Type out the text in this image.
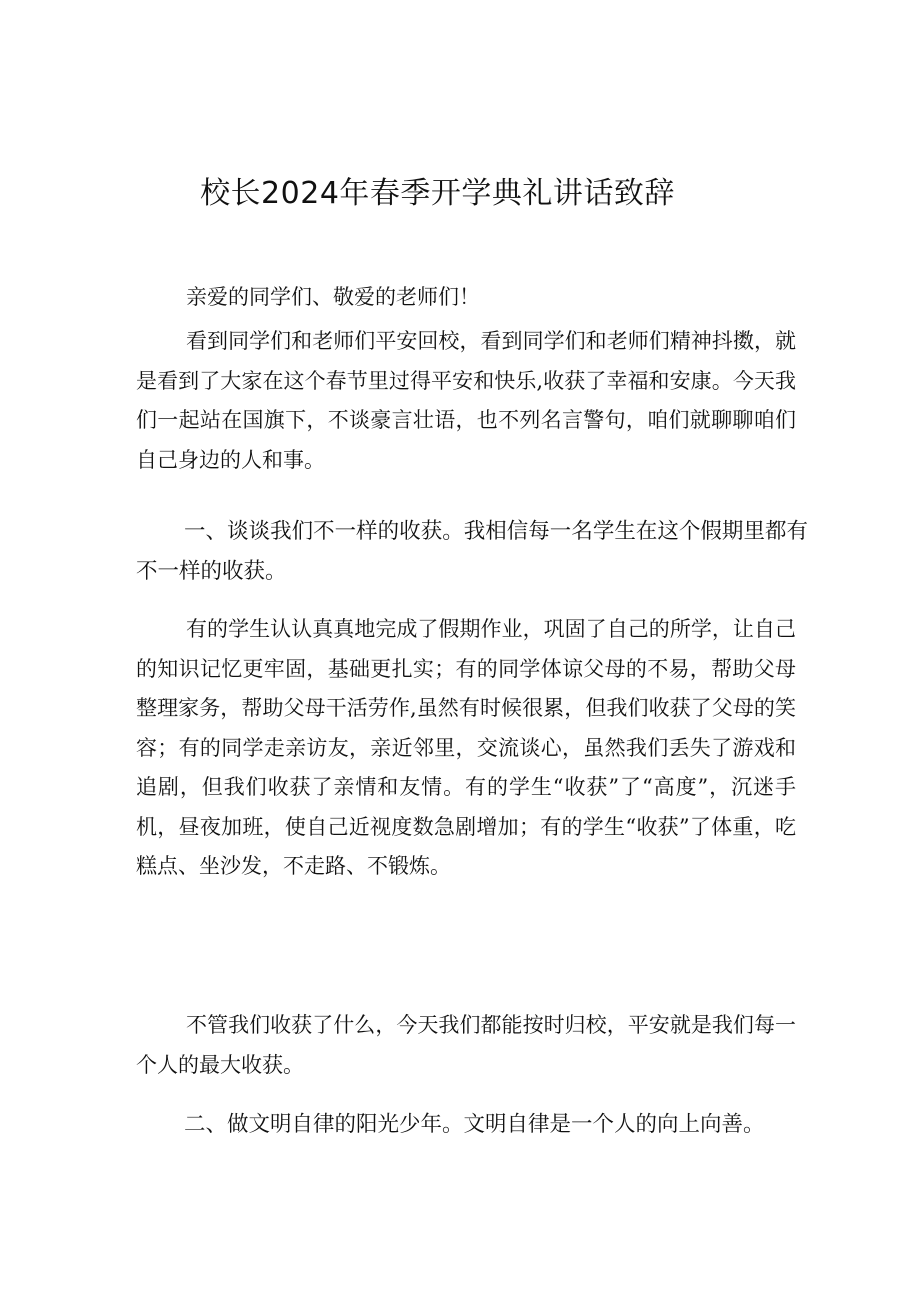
校长2024年春季开学典礼讲话致辞

亲爱的同学们、敬爱的老师们！

看到同学们和老师们平安回校，看到同学们和老师们精神抖擞，就是看到了大家在这个春节里过得平安和快乐,收获了幸福和安康。今天我们一起站在国旗下，不谈豪言壮语，也不列名言警句，咱们就聊聊咱们自己身边的人和事。

一、谈谈我们不一样的收获。我相信每一名学生在这个假期里都有不一样的收获。

有的学生认认真真地完成了假期作业，巩固了自己的所学，让自己的知识记忆更牢固，基础更扎实；有的同学体谅父母的不易，帮助父母整理家务，帮助父母干活劳作,虽然有时候很累，但我们收获了父母的笑容；有的同学走亲访友，亲近邻里，交流谈心，虽然我们丢失了游戏和追剧，但我们收获了亲情和友情。有的学生“收获”了“高度”，沉迷手机，昼夜加班，使自己近视度数急剧增加；有的学生“收获”了体重，吃糕点、坐沙发，不走路、不锻炼。

不管我们收获了什么，今天我们都能按时归校，平安就是我们每一个人的最大收获。

二、做文明自律的阳光少年。文明自律是一个人的向上向善。
